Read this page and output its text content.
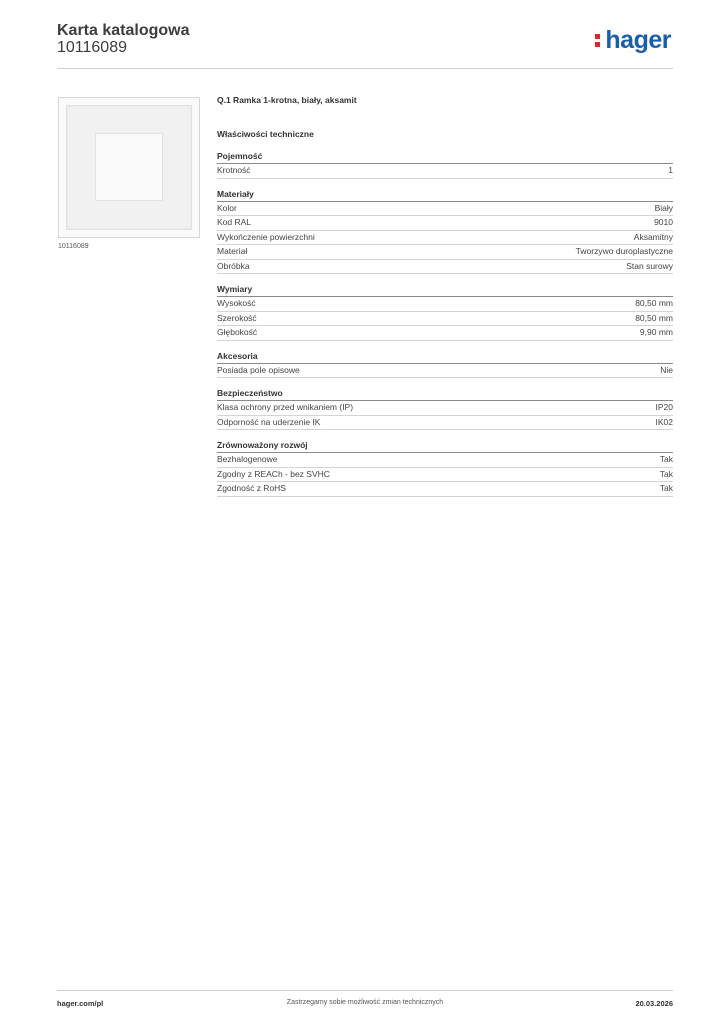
Karta katalogowa
10116089	hager
10116089
Q.1 Ramka 1-krotna, biały, aksamit
Właściwości techniczne
Pojemność
Krotność	1
Materiały
Kolor	Biały
Kod RAL	9010
Wykończenie powierzchni	Aksamitny
Materiał	Tworzywo duroplastyczne
Obróbka	Stan surowy
Wymiary
Wysokość	80,50 mm
Szerokość	80,50 mm
Głębokość	9,90 mm
Akcesoria
Posiada pole opisowe	Nie
Bezpieczeństwo
Klasa ochrony przed wnikaniem (IP)	IP20
Odporność na uderzenie IK	IK02
Zrównoważony rozwój
Bezhalogenowe	Tak
Zgodny z REACh - bez SVHC	Tak
Zgodność z RoHS	Tak
hager.com/pl	Zastrzegamy sobie możliwość zmian technicznych	20.03.2026
